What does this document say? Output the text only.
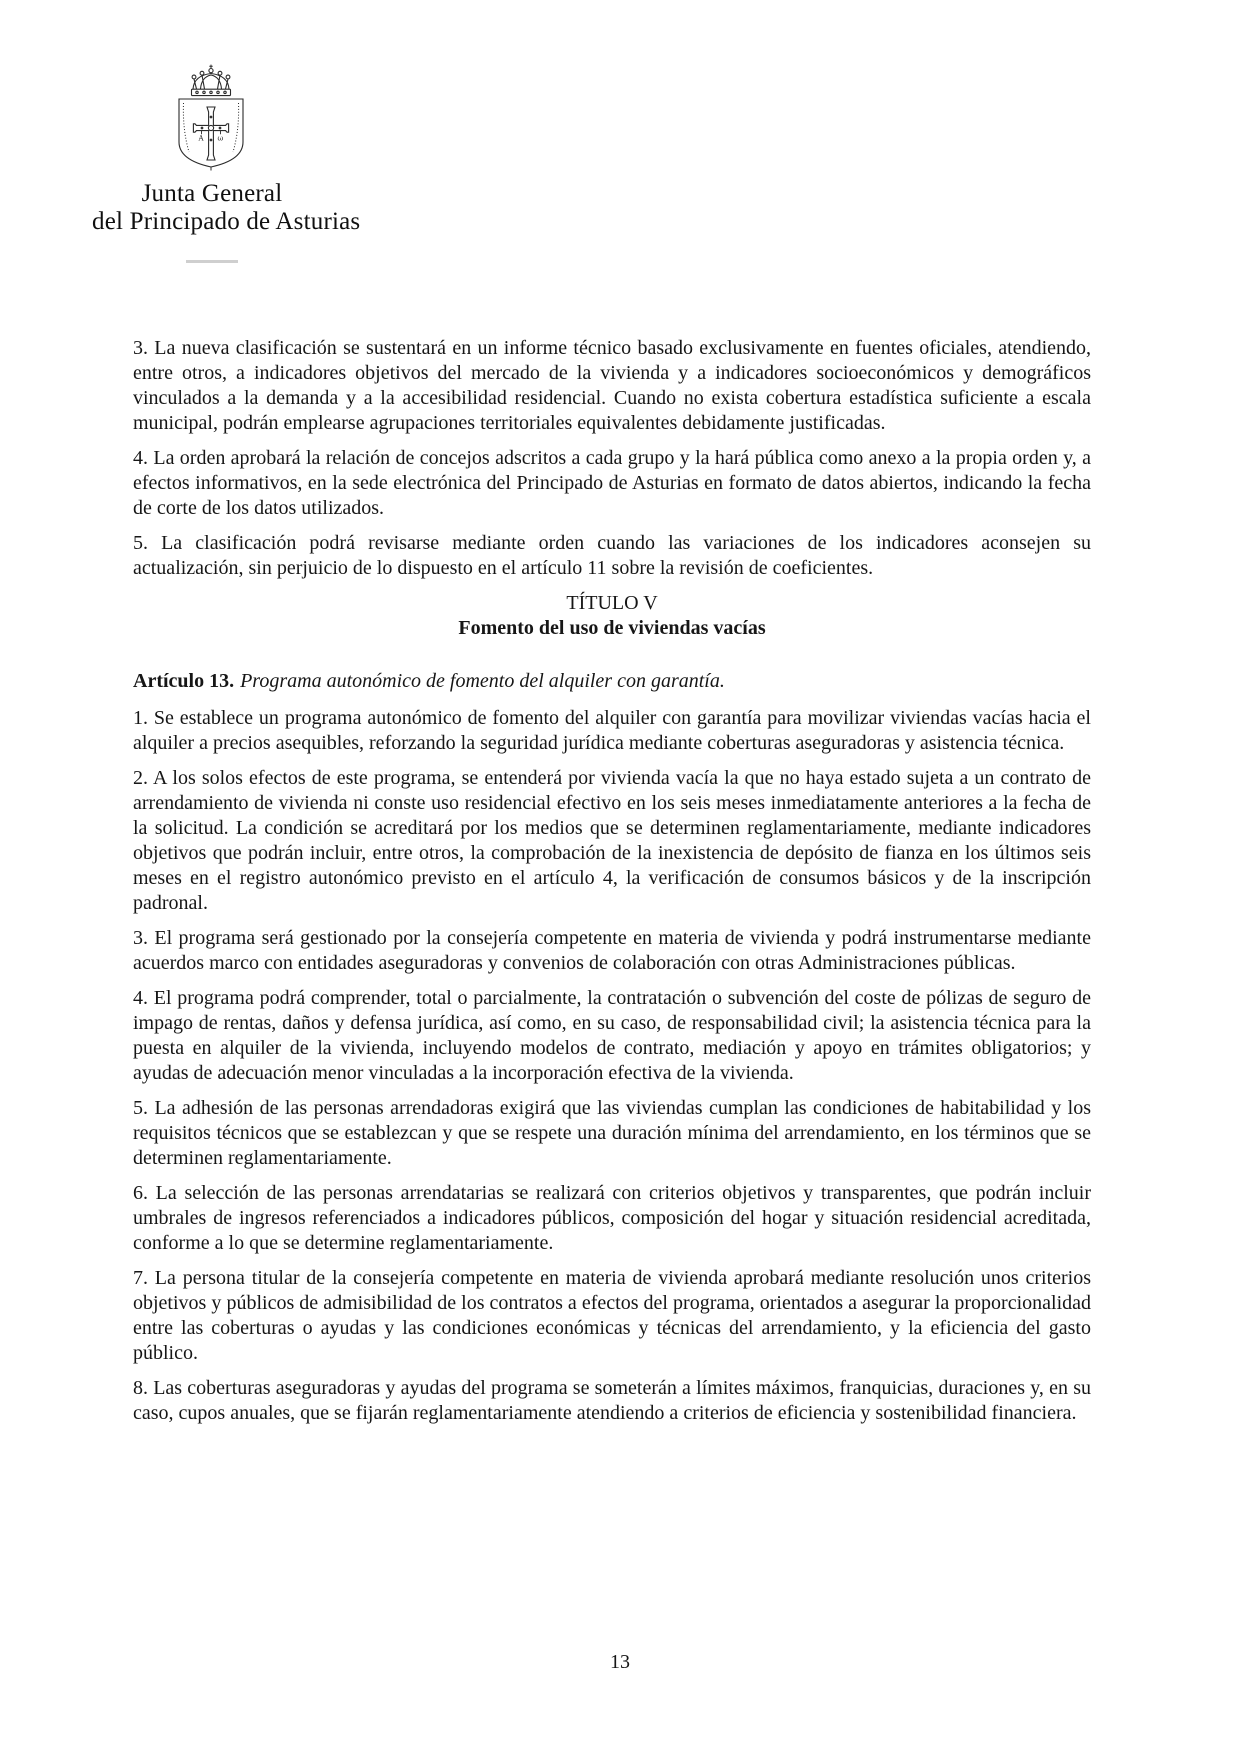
Α ω
Junta General
del Principado de Asturias

3. La nueva clasificación se sustentará en un informe técnico basado exclusivamente en fuentes oficiales, atendiendo, entre otros, a indicadores objetivos del mercado de la vivienda y a indicadores socioeconómicos y demográficos vinculados a la demanda y a la accesibilidad residencial. Cuando no exista cobertura estadística suficiente a escala municipal, podrán emplearse agrupaciones territoriales equivalentes debidamente justificadas.

4. La orden aprobará la relación de concejos adscritos a cada grupo y la hará pública como anexo a la propia orden y, a efectos informativos, en la sede electrónica del Principado de Asturias en formato de datos abiertos, indicando la fecha de corte de los datos utilizados.

5. La clasificación podrá revisarse mediante orden cuando las variaciones de los indicadores aconsejen su actualización, sin perjuicio de lo dispuesto en el artículo 11 sobre la revisión de coeficientes.

TÍTULO V
Fomento del uso de viviendas vacías

Artículo 13. Programa autonómico de fomento del alquiler con garantía.

1. Se establece un programa autonómico de fomento del alquiler con garantía para movilizar viviendas vacías hacia el alquiler a precios asequibles, reforzando la seguridad jurídica mediante coberturas aseguradoras y asistencia técnica.

2. A los solos efectos de este programa, se entenderá por vivienda vacía la que no haya estado sujeta a un contrato de arrendamiento de vivienda ni conste uso residencial efectivo en los seis meses inmediatamente anteriores a la fecha de la solicitud. La condición se acreditará por los medios que se determinen reglamentariamente, mediante indicadores objetivos que podrán incluir, entre otros, la comprobación de la inexistencia de depósito de fianza en los últimos seis meses en el registro autonómico previsto en el artículo 4, la verificación de consumos básicos y de la inscripción padronal.

3. El programa será gestionado por la consejería competente en materia de vivienda y podrá instrumentarse mediante acuerdos marco con entidades aseguradoras y convenios de colaboración con otras Administraciones públicas.

4. El programa podrá comprender, total o parcialmente, la contratación o subvención del coste de pólizas de seguro de impago de rentas, daños y defensa jurídica, así como, en su caso, de responsabilidad civil; la asistencia técnica para la puesta en alquiler de la vivienda, incluyendo modelos de contrato, mediación y apoyo en trámites obligatorios; y ayudas de adecuación menor vinculadas a la incorporación efectiva de la vivienda.

5. La adhesión de las personas arrendadoras exigirá que las viviendas cumplan las condiciones de habitabilidad y los requisitos técnicos que se establezcan y que se respete una duración mínima del arrendamiento, en los términos que se determinen reglamentariamente.

6. La selección de las personas arrendatarias se realizará con criterios objetivos y transparentes, que podrán incluir umbrales de ingresos referenciados a indicadores públicos, composición del hogar y situación residencial acreditada, conforme a lo que se determine reglamentariamente.

7. La persona titular de la consejería competente en materia de vivienda aprobará mediante resolución unos criterios objetivos y públicos de admisibilidad de los contratos a efectos del programa, orientados a asegurar la proporcionalidad entre las coberturas o ayudas y las condiciones económicas y técnicas del arrendamiento, y la eficiencia del gasto público.

8. Las coberturas aseguradoras y ayudas del programa se someterán a límites máximos, franquicias, duraciones y, en su caso, cupos anuales, que se fijarán reglamentariamente atendiendo a criterios de eficiencia y sostenibilidad financiera.

13
